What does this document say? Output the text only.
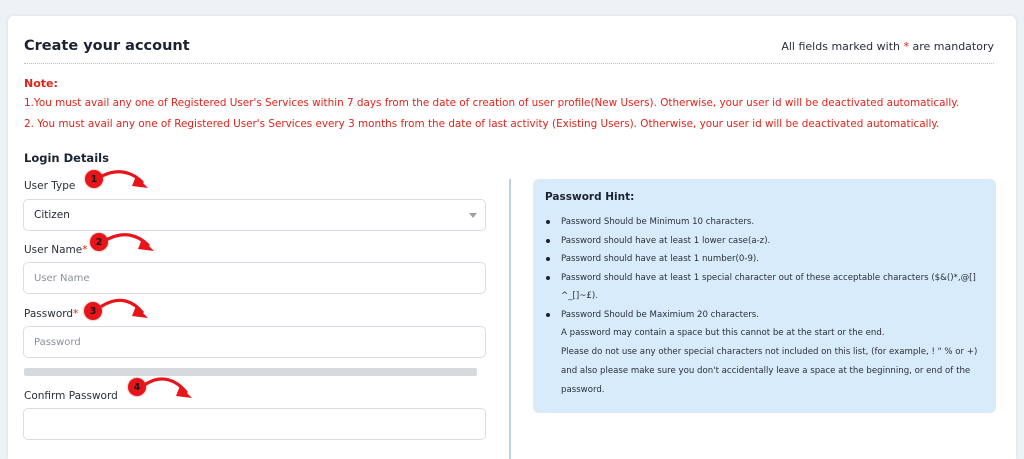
Create your account	All fields marked with * are mandatory
Note:
1.You must avail any one of Registered User's Services within 7 days from the date of creation of user profile(New Users). Otherwise, your user id will be deactivated automatically.
2. You must avail any one of Registered User's Services every 3 months from the date of last activity (Existing Users). Otherwise, your user id will be deactivated automatically.
Login Details
User Type
Citizen
User Name*
User Name
Password*
Password
Confirm Password
Password Hint:
Password Should be Minimum 10 characters.
Password should have at least 1 lower case(a-z).
Password should have at least 1 number(0-9).
Password should have at least 1 special character out of these acceptable characters ($&()*,@[] ^_[]~£).
Password Should be Maximium 20 characters.
A password may contain a space but this cannot be at the start or the end.
Please do not use any other special characters not included on this list, (for example, ! " % or +) and also please make sure you don't accidentally leave a space at the beginning, or end of the password.
1
2
3
4
